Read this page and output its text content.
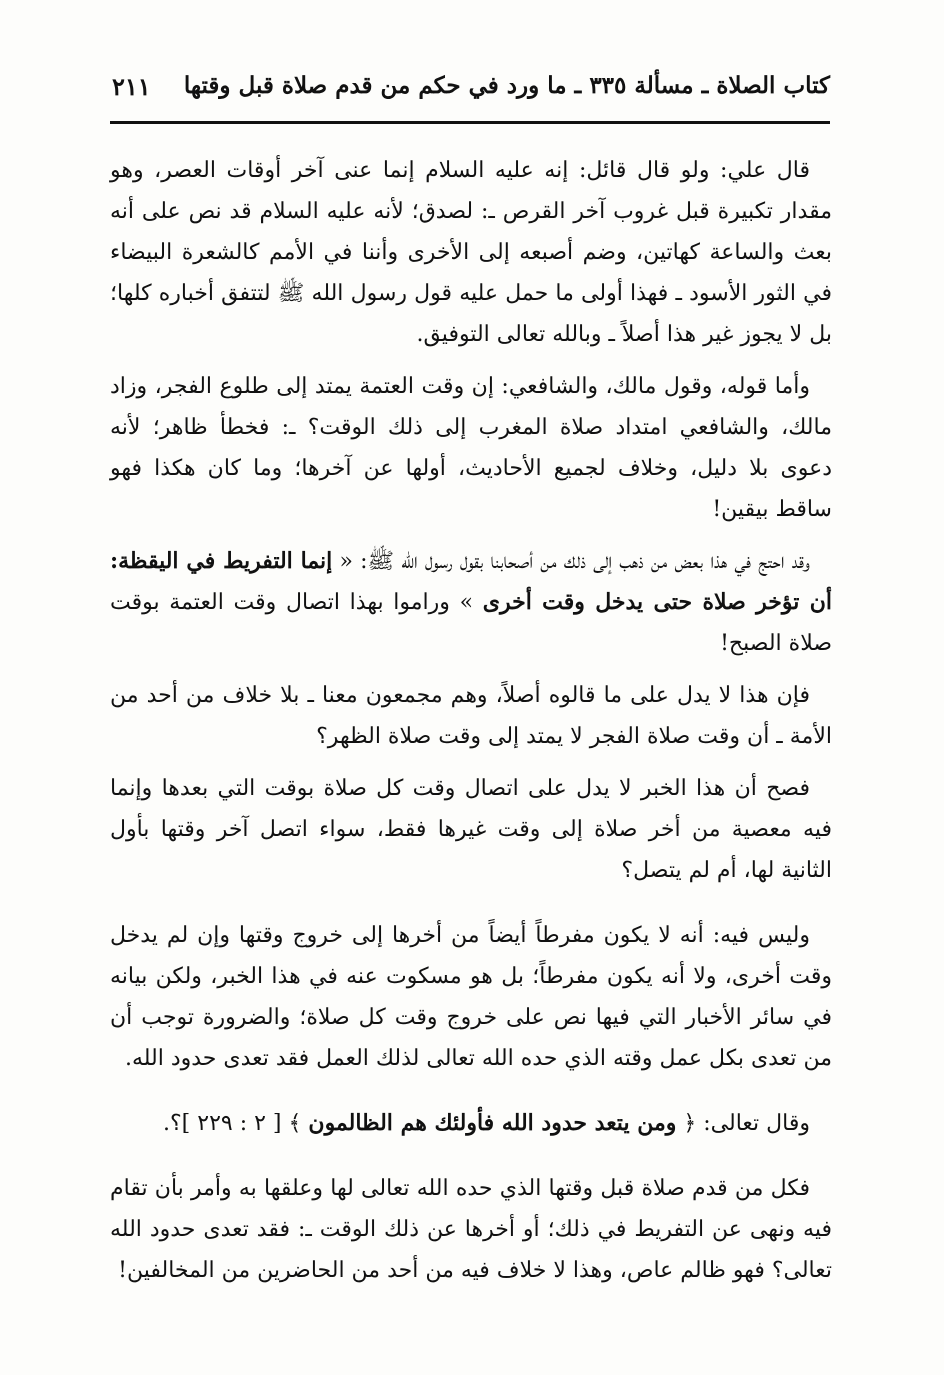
كتاب الصلاة ـ مسألة ٣٣٥ ـ ما ورد في حكم من قدم صلاة قبل وقتها
٢١١

قال علي: ولو قال قائل: إنه عليه السلام إنما عنى آخر أوقات العصر، وهو مقدار تكبيرة قبل غروب آخر القرص ـ: لصدق؛ لأنه عليه السلام قد نص على أنه بعث والساعة كهاتين، وضم أصبعه إلى الأخرى وأننا في الأمم كالشعرة البيضاء في الثور الأسود ـ فهذا أولى ما حمل عليه قول رسول الله ﷺ لتتفق أخباره كلها؛ بل لا يجوز غير هذا أصلاً ـ وبالله تعالى التوفيق.

وأما قوله، وقول مالك، والشافعي: إن وقت العتمة يمتد إلى طلوع الفجر، وزاد مالك، والشافعي امتداد صلاة المغرب إلى ذلك الوقت؟ ـ: فخطأ ظاهر؛ لأنه دعوى بلا دليل، وخلاف لجميع الأحاديث، أولها عن آخرها؛ وما كان هكذا فهو ساقط بيقين!

وقد احتج في هذا بعض من ذهب إلى ذلك من أصحابنا بقول رسول الله ﷺ: « إنما التفريط في اليقظة: أن تؤخر صلاة حتى يدخل وقت أخرى » وراموا بهذا اتصال وقت العتمة بوقت صلاة الصبح!

فإن هذا لا يدل على ما قالوه أصلاً، وهم مجمعون معنا ـ بلا خلاف من أحد من الأمة ـ أن وقت صلاة الفجر لا يمتد إلى وقت صلاة الظهر؟

فصح أن هذا الخبر لا يدل على اتصال وقت كل صلاة بوقت التي بعدها وإنما فيه معصية من أخر صلاة إلى وقت غيرها فقط، سواء اتصل آخر وقتها بأول الثانية لها، أم لم يتصل؟

وليس فيه: أنه لا يكون مفرطاً أيضاً من أخرها إلى خروج وقتها وإن لم يدخل وقت أخرى، ولا أنه يكون مفرطاً؛ بل هو مسكوت عنه في هذا الخبر، ولكن بيانه في سائر الأخبار التي فيها نص على خروج وقت كل صلاة؛ والضرورة توجب أن من تعدى بكل عمل وقته الذي حده الله تعالى لذلك العمل فقد تعدى حدود الله.

وقال تعالى: ﴿ ومن يتعد حدود الله فأولئك هم الظالمون ﴾ [ ٢ : ٢٢٩ ]؟.

فكل من قدم صلاة قبل وقتها الذي حده الله تعالى لها وعلقها به وأمر بأن تقام فيه ونهى عن التفريط في ذلك؛ أو أخرها عن ذلك الوقت ـ: فقد تعدى حدود الله تعالى؟ فهو ظالم عاص، وهذا لا خلاف فيه من أحد من الحاضرين من المخالفين!
